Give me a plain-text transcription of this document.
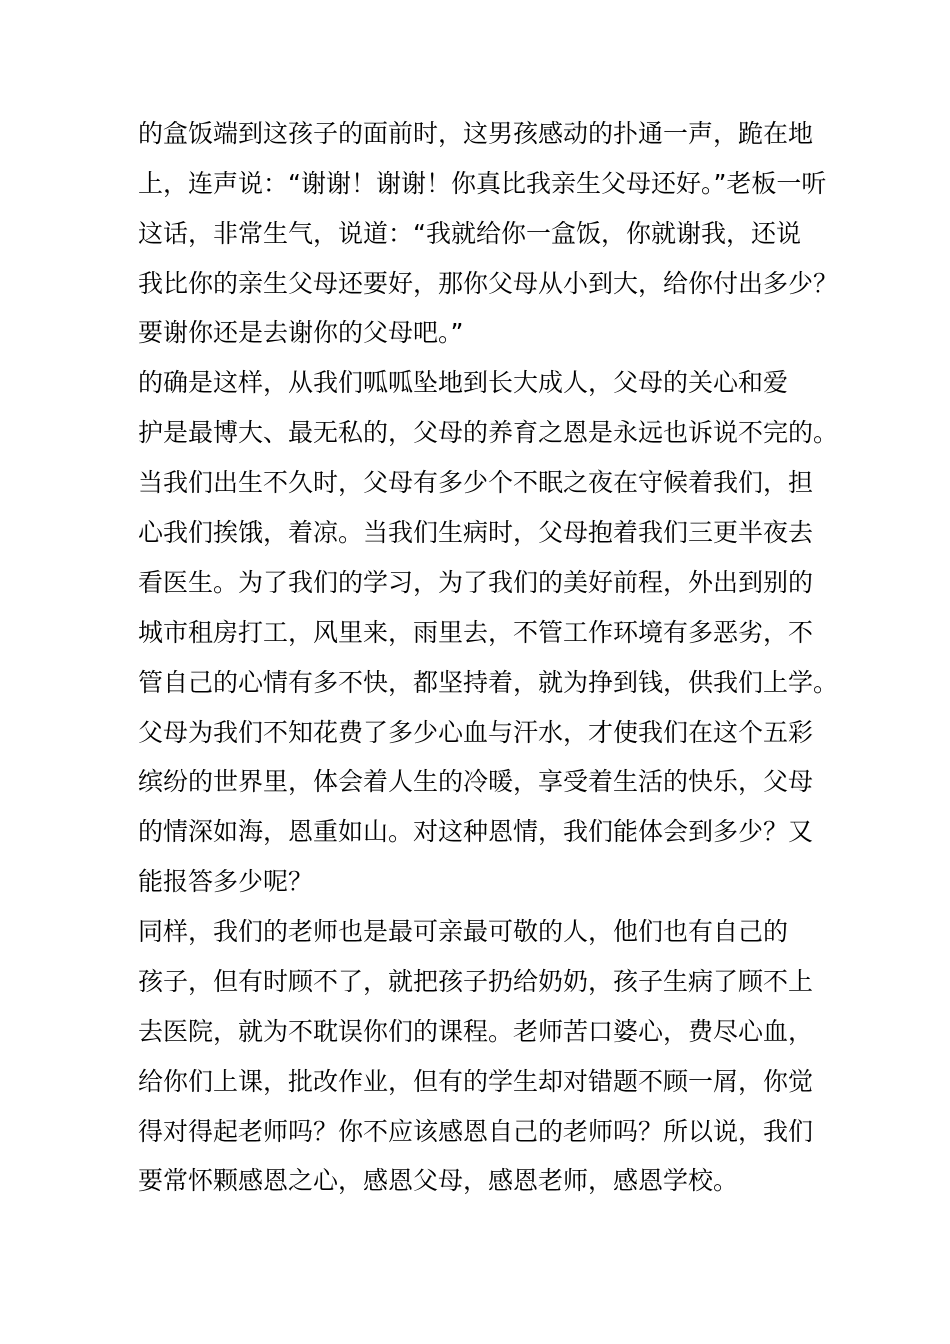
的盒饭端到这孩子的面前时，这男孩感动的扑通一声，跪在地
上，连声说：“谢谢！谢谢！你真比我亲生父母还好。”老板一听
这话，非常生气，说道：“我就给你一盒饭，你就谢我，还说
我比你的亲生父母还要好，那你父母从小到大，给你付出多少？
要谢你还是去谢你的父母吧。”
的确是这样，从我们呱呱坠地到长大成人，父母的关心和爱
护是最博大、最无私的，父母的养育之恩是永远也诉说不完的。
当我们出生不久时，父母有多少个不眠之夜在守候着我们，担
心我们挨饿，着凉。当我们生病时，父母抱着我们三更半夜去
看医生。为了我们的学习，为了我们的美好前程，外出到别的
城市租房打工，风里来，雨里去，不管工作环境有多恶劣，不
管自己的心情有多不快，都坚持着，就为挣到钱，供我们上学。
父母为我们不知花费了多少心血与汗水，才使我们在这个五彩
缤纷的世界里，体会着人生的冷暖，享受着生活的快乐，父母
的情深如海，恩重如山。对这种恩情，我们能体会到多少？又
能报答多少呢？
同样，我们的老师也是最可亲最可敬的人，他们也有自己的
孩子，但有时顾不了，就把孩子扔给奶奶，孩子生病了顾不上
去医院，就为不耽误你们的课程。老师苦口婆心，费尽心血，
给你们上课，批改作业，但有的学生却对错题不顾一屑，你觉
得对得起老师吗？你不应该感恩自己的老师吗？所以说，我们
要常怀颗感恩之心，感恩父母，感恩老师，感恩学校。
